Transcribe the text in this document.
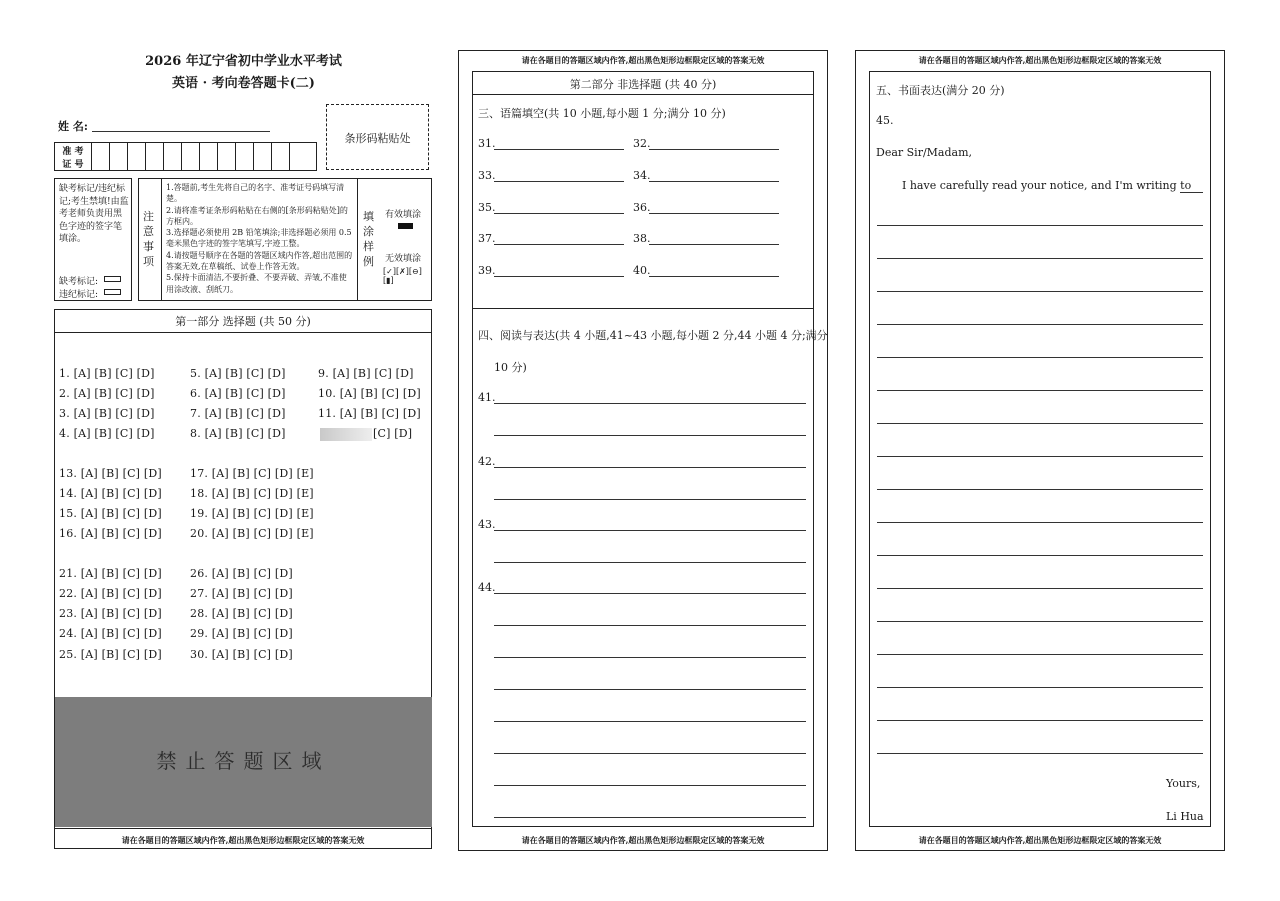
2026 年辽宁省初中学业水平考试
英语 · 考向卷答题卡(二)
姓 名:
条形码粘贴处
准 考
证 号
缺考标记/违纪标记;考生禁填!由监考老师负责用黑色字迹的签字笔填涂。
缺考标记:
违纪标记:
注意事项
1.答题前,考生先将自己的名字、准考证号码填写清楚。
2.请将准考证条形码粘贴在右侧的[条形码粘贴处]的方框内。
3.选择题必须使用 2B 铅笔填涂;非选择题必须用 0.5 毫米黑色字迹的签字笔填写,字迹工整。
4.请按题号顺序在各题的答题区域内作答,超出范围的答案无效,在草稿纸、试卷上作答无效。
5.保持卡面清洁,不要折叠、不要弄破、弄皱,不准使用涂改液、刮纸刀。
填涂样例
有效填涂
无效填涂
[✓][✗][⊖][▮]
第一部分 选择题 (共 50 分)
1. [A] [B] [C] [D]	5. [A] [B] [C] [D]	9. [A] [B] [C] [D]
2. [A] [B] [C] [D]	6. [A] [B] [C] [D]	10. [A] [B] [C] [D]
3. [A] [B] [C] [D]	7. [A] [B] [C] [D]	11. [A] [B] [C] [D]
4. [A] [B] [C] [D]	8. [A] [B] [C] [D]	[C] [D]
13. [A] [B] [C] [D]	17. [A] [B] [C] [D] [E]
14. [A] [B] [C] [D]	18. [A] [B] [C] [D] [E]
15. [A] [B] [C] [D]	19. [A] [B] [C] [D] [E]
16. [A] [B] [C] [D]	20. [A] [B] [C] [D] [E]
21. [A] [B] [C] [D]	26. [A] [B] [C] [D]
22. [A] [B] [C] [D]	27. [A] [B] [C] [D]
23. [A] [B] [C] [D]	28. [A] [B] [C] [D]
24. [A] [B] [C] [D]	29. [A] [B] [C] [D]
25. [A] [B] [C] [D]	30. [A] [B] [C] [D]
禁止答题区域
请在各题目的答题区域内作答,超出黑色矩形边框限定区域的答案无效
请在各题目的答题区域内作答,超出黑色矩形边框限定区域的答案无效
第二部分 非选择题 (共 40 分)
三、语篇填空(共 10 小题,每小题 1 分;满分 10 分)
31.	32.
33.	34.
35.	36.
37.	38.
39.	40.
四、阅读与表达(共 4 小题,41~43 小题,每小题 2 分,44 小题 4 分;满分
10 分)
41.
42.
43.
44.
请在各题目的答题区域内作答,超出黑色矩形边框限定区域的答案无效
请在各题目的答题区域内作答,超出黑色矩形边框限定区域的答案无效
五、书面表达(满分 20 分)
45.
Dear Sir/Madam,
I have carefully read your notice, and I'm writing to
Yours,
Li Hua
请在各题目的答题区域内作答,超出黑色矩形边框限定区域的答案无效
